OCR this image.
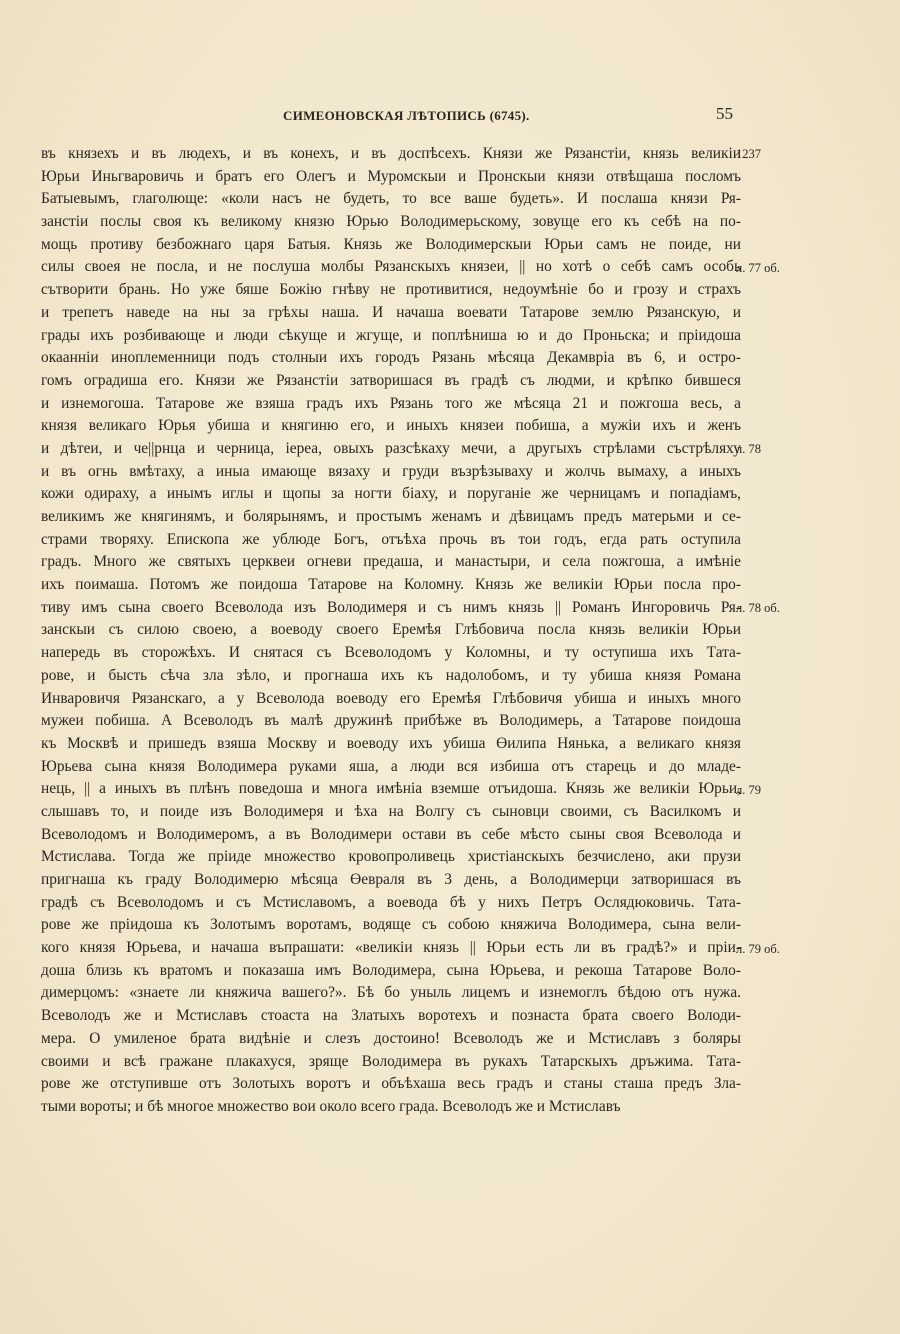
СИМЕОНОВСКАЯ ЛѢТОПИСЬ (6745).	55
въ князехъ и въ людехъ, и въ конехъ, и въ доспѣсехъ. Князи же Рязанстіи, князь великіи
Юрьи Иньгваровичь и братъ его Олегъ и Муромскыи и Пронскыи князи отвѣщаша посломъ
Батыевымъ, глаголюще: «коли насъ не будеть, то все ваше будеть». И послаша князи Ря-
занстіи послы своя къ великому князю Юрью Володимерьскому, зовуще его къ себѣ на по-
мощь противу безбожнаго царя Батыя. Князь же Володимерскыи Юрьи самъ не поиде, ни
силы своея не посла, и не послуша молбы Рязанскыхъ князеи, || но хотѣ о себѣ самъ особь
сътворити брань. Но уже бяше Божію гнѣву не противитися, недоумѣніе бо и грозу и страхъ
и трепетъ наведе на ны за грѣхы наша. И начаша воевати Татарове землю Рязанскую, и
грады ихъ розбивающе и люди сѣкуще и жгуще, и поплѣниша ю и до Проньска; и пріидоша
окаанніи иноплеменници подъ столныи ихъ городъ Рязань мѣсяца Декамвріа въ 6, и остро-
гомъ оградиша его. Князи же Рязанстіи затворишася въ градѣ съ людми, и крѣпко бившеся
и изнемогоша. Татарове же взяша градъ ихъ Рязань того же мѣсяца 21 и пожгоша весь, а
князя великаго Юрья убиша и княгиню его, и иныхъ князеи побиша, а мужіи ихъ и женъ
и дѣтеи, и че||рнца и черница, іереа, овыхъ разсѣкаху мечи, а другыхъ стрѣлами състрѣляху
и въ огнь вмѣтаху, а иныа имающе вязаху и груди възрѣзываху и жолчь вымаху, а иныхъ
кожи одираху, а инымъ иглы и щопы за ногти біаху, и поруганіе же черницамъ и попадіамъ,
великимъ же княгинямъ, и болярынямъ, и простымъ женамъ и дѣвицамъ предъ матерьми и се-
страми творяху. Епископа же ублюде Богъ, отъѣха прочь въ тои годъ, егда рать оступила
градъ. Много же святыхъ церквеи огневи предаша, и манастыри, и села пожгоша, а имѣніе
ихъ поимаша. Потомъ же поидоша Татарове на Коломну. Князь же великіи Юрьи посла про-
тиву имъ сына своего Всеволода изъ Володимеря и съ нимъ князь || Романъ Ингоровичь Ря-
занскыи съ силою своею, а воеводу своего Еремѣя Глѣбовича посла князь великіи Юрьи
напередь въ сторожѣхъ. И снятася съ Всеволодомъ у Коломны, и ту оступиша ихъ Тата-
рове, и бысть сѣча зла зѣло, и прогнаша ихъ къ надолобомъ, и ту убиша князя Романа
Инваровичя Рязанскаго, а у Всеволода воеводу его Еремѣя Глѣбовичя убиша и иныхъ много
мужеи побиша. А Всеволодъ въ малѣ дружинѣ прибѣже въ Володимерь, а Татарове поидоша
къ Москвѣ и пришедъ взяша Москву и воеводу ихъ убиша Өилипа Нянька, а великаго князя
Юрьева сына князя Володимера руками яша, а люди вся избиша отъ старець и до младе-
нець, || а иныхъ въ плѣнъ поведоша и многа имѣніа вземше отъидоша. Князь же великіи Юрьи,
слышавъ то, и поиде изъ Володимеря и ѣха на Волгу съ сыновци своими, съ Василкомъ и
Всеволодомъ и Володимеромъ, а въ Володимери остави въ себе мѣсто сыны своя Всеволода и
Мстислава. Тогда же пріиде множество кровопроливець христіанскыхъ безчислено, аки прузи
пригнаша къ граду Володимерю мѣсяца Өевраля въ 3 день, а Володимерци затворишася въ
градѣ съ Всеволодомъ и съ Мстиславомъ, а воевода бѣ у нихъ Петръ Ослядюковичь. Тата-
рове же пріидоша къ Золотымъ воротамъ, водяще съ собою княжича Володимера, сына вели-
кого князя Юрьева, и начаша въпрашати: «великіи князь || Юрьи есть ли въ градѣ?» и пріи-
доша близь къ вратомъ и показаша имъ Володимера, сына Юрьева, и рекоша Татарове Воло-
димерцомъ: «знаете ли княжича вашего?». Бѣ бо уныль лицемъ и изнемоглъ бѣдою отъ нужа.
Всеволодъ же и Мстиславъ стоаста на Златыхъ воротехъ и познаста брата своего Володи-
мера. О умиленое брата видѣніе и слезъ достоино! Всеволодъ же и Мстиславъ з боляры
своими и всѣ гражане плакахуся, зряще Володимера въ рукахъ Татарскыхъ дръжима. Тата-
рове же отступивше отъ Золотыхъ воротъ и объѣхаша весь градъ и станы сташа предъ Зла-
тыми вороты; и бѣ многое множество вои около всего града. Всеволодъ же и Мстиславъ
1237
л. 77 об.
л. 78
л. 78 об.
л. 79
л. 79 об.
